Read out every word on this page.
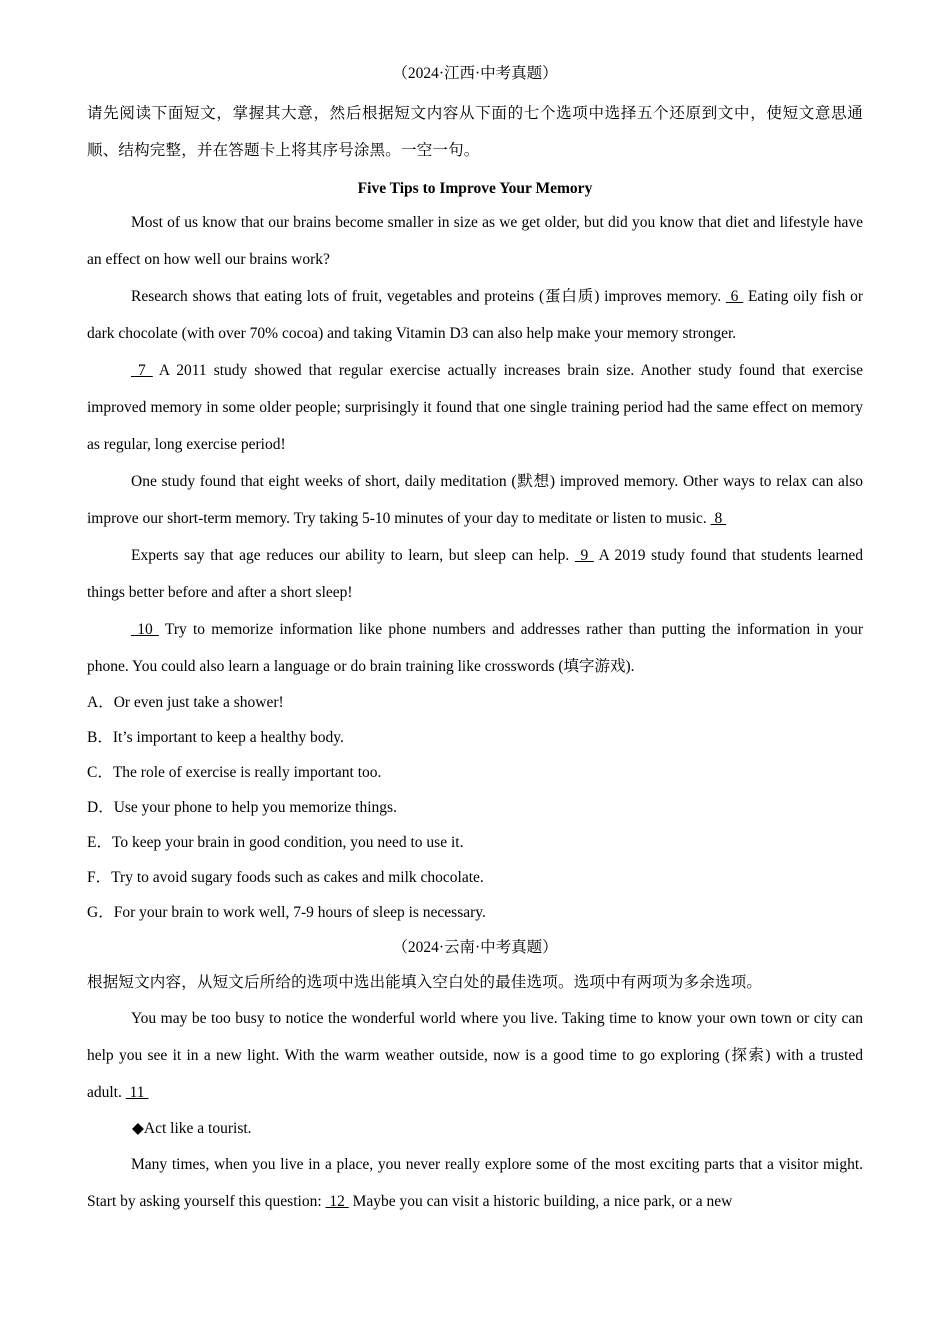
（2024·江西·中考真题）
请先阅读下面短文，掌握其大意，然后根据短文内容从下面的七个选项中选择五个还原到文中，使短文意思通顺、结构完整，并在答题卡上将其序号涂黑。一空一句。
Five Tips to Improve Your Memory
Most of us know that our brains become smaller in size as we get older, but did you know that diet and lifestyle have an effect on how well our brains work?
Research shows that eating lots of fruit, vegetables and proteins (蛋白质) improves memory.  6  Eating oily fish or dark chocolate (with over 70% cocoa) and taking Vitamin D3 can also help make your memory stronger.
7  A 2011 study showed that regular exercise actually increases brain size. Another study found that exercise improved memory in some older people; surprisingly it found that one single training period had the same effect on memory as regular, long exercise period!
One study found that eight weeks of short, daily meditation (默想) improved memory. Other ways to relax can also improve our short-term memory. Try taking 5-10 minutes of your day to meditate or listen to music.  8
Experts say that age reduces our ability to learn, but sleep can help.  9  A 2019 study found that students learned things better before and after a short sleep!
10  Try to memorize information like phone numbers and addresses rather than putting the information in your phone. You could also learn a language or do brain training like crosswords (填字游戏).
A．Or even just take a shower!
B．It’s important to keep a healthy body.
C．The role of exercise is really important too.
D．Use your phone to help you memorize things.
E．To keep your brain in good condition, you need to use it.
F．Try to avoid sugary foods such as cakes and milk chocolate.
G．For your brain to work well, 7-9 hours of sleep is necessary.
（2024·云南·中考真题）
根据短文内容，从短文后所给的选项中选出能填入空白处的最佳选项。选项中有两项为多余选项。
You may be too busy to notice the wonderful world where you live. Taking time to know your own town or city can help you see it in a new light. With the warm weather outside, now is a good time to go exploring (探索) with a trusted adult.  11
◆Act like a tourist.
Many times, when you live in a place, you never really explore some of the most exciting parts that a visitor might. Start by asking yourself this question:  12  Maybe you can visit a historic building, a nice park, or a new
